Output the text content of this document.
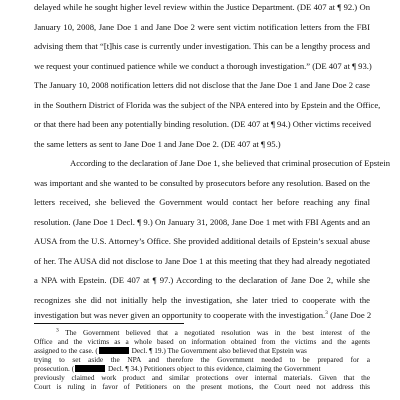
delayed while he sought higher level review within the Justice Department. (DE 407 at ¶ 92.) On
January 10, 2008, Jane Doe 1 and Jane Doe 2 were sent victim notification letters from the FBI
advising them that “[t]his case is currently under investigation. This can be a lengthy process and
we request your continued patience while we conduct a thorough investigation.” (DE 407 at ¶ 93.)
The January 10, 2008 notification letters did not disclose that the Jane Doe 1 and Jane Doe 2 case
in the Southern District of Florida was the subject of the NPA entered into by Epstein and the Office,
or that there had been any potentially binding resolution. (DE 407 at ¶ 94.) Other victims received
the same letters as sent to Jane Doe 1 and Jane Doe 2. (DE 407 at ¶ 95.)
According to the declaration of Jane Doe 1, she believed that criminal prosecution of Epstein
was important and she wanted to be consulted by prosecutors before any resolution. Based on the
letters received, she believed the Government would contact her before reaching any final
resolution. (Jane Doe 1 Decl. ¶ 9.) On January 31, 2008, Jane Doe 1 met with FBI Agents and an
AUSA from the U.S. Attorney’s Office. She provided additional details of Epstein’s sexual abuse
of her. The AUSA did not disclose to Jane Doe 1 at this meeting that they had already negotiated
a NPA with Epstein. (DE 407 at ¶ 97.) According to the declaration of Jane Doe 2, while she
recognizes she did not initially help the investigation, she later tried to cooperate with the
investigation but was never given an opportunity to cooperate with the investigation.$^3$ (Jane Doe 2
$^3$ The Government believed that a negotiated resolution was in the best interest of the
Office and the victims as a whole based on information obtained from the victims and the agents
assigned to the case. (	Decl. ¶ 19.) The Government also believed that Epstein was
trying to set aside the NPA and therefore the Government needed to be prepared for a
prosecution. (	Decl. ¶ 34.) Petitioners object to this evidence, claiming the Government
previously claimed work product and similar protections over internal materials. Given that the
Court is ruling in favor of Petitioners on the present motions, the Court need not address this
